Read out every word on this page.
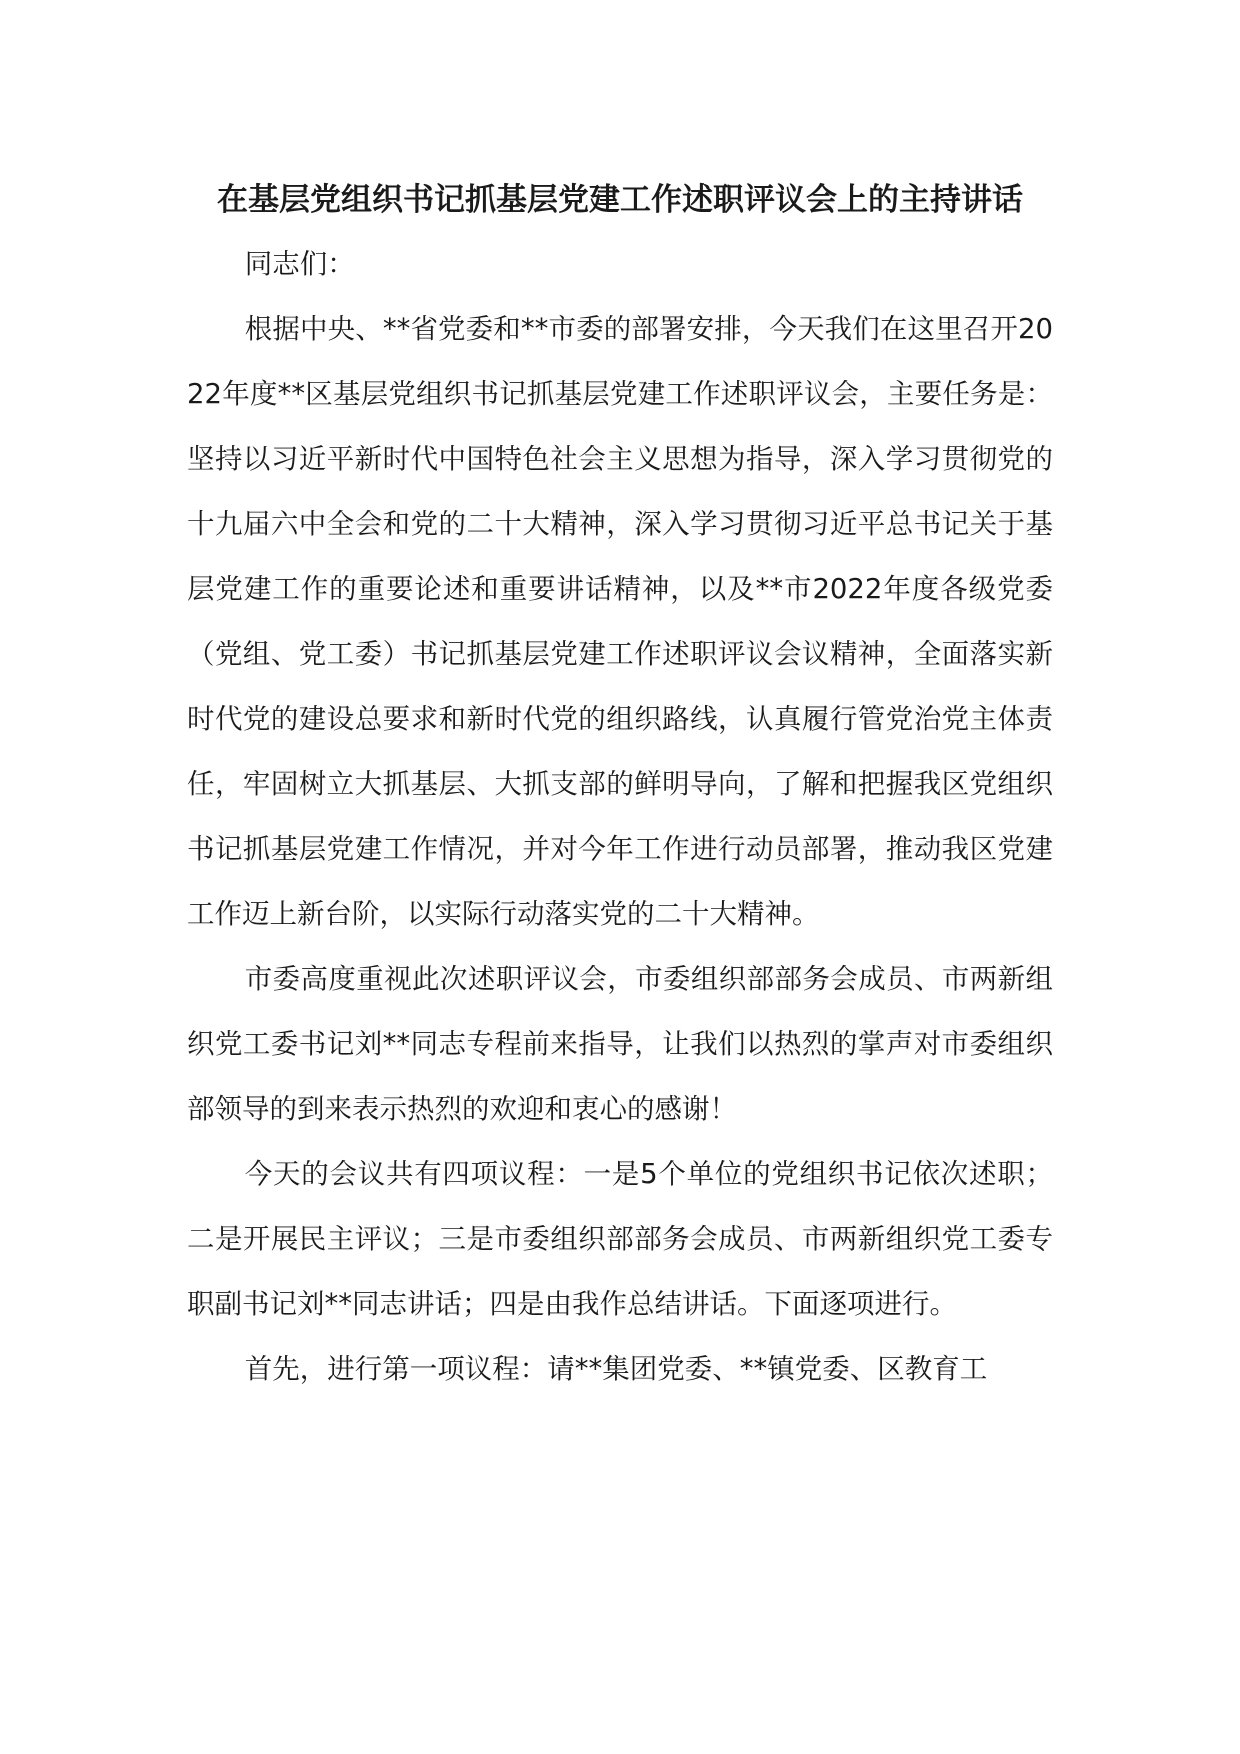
在基层党组织书记抓基层党建工作述职评议会上的主持讲话

同志们：

根据中央、**省党委和**市委的部署安排，今天我们在这里召开2022年度**区基层党组织书记抓基层党建工作述职评议会，主要任务是：坚持以习近平新时代中国特色社会主义思想为指导，深入学习贯彻党的十九届六中全会和党的二十大精神，深入学习贯彻习近平总书记关于基层党建工作的重要论述和重要讲话精神，以及**市2022年度各级党委（党组、党工委）书记抓基层党建工作述职评议会议精神，全面落实新时代党的建设总要求和新时代党的组织路线，认真履行管党治党主体责任，牢固树立大抓基层、大抓支部的鲜明导向，了解和把握我区党组织书记抓基层党建工作情况，并对今年工作进行动员部署，推动我区党建工作迈上新台阶，以实际行动落实党的二十大精神。

市委高度重视此次述职评议会，市委组织部部务会成员、市两新组织党工委书记刘**同志专程前来指导，让我们以热烈的掌声对市委组织部领导的到来表示热烈的欢迎和衷心的感谢！

今天的会议共有四项议程：一是5个单位的党组织书记依次述职；二是开展民主评议；三是市委组织部部务会成员、市两新组织党工委专职副书记刘**同志讲话；四是由我作总结讲话。下面逐项进行。

首先，进行第一项议程：请**集团党委、**镇党委、区教育工
